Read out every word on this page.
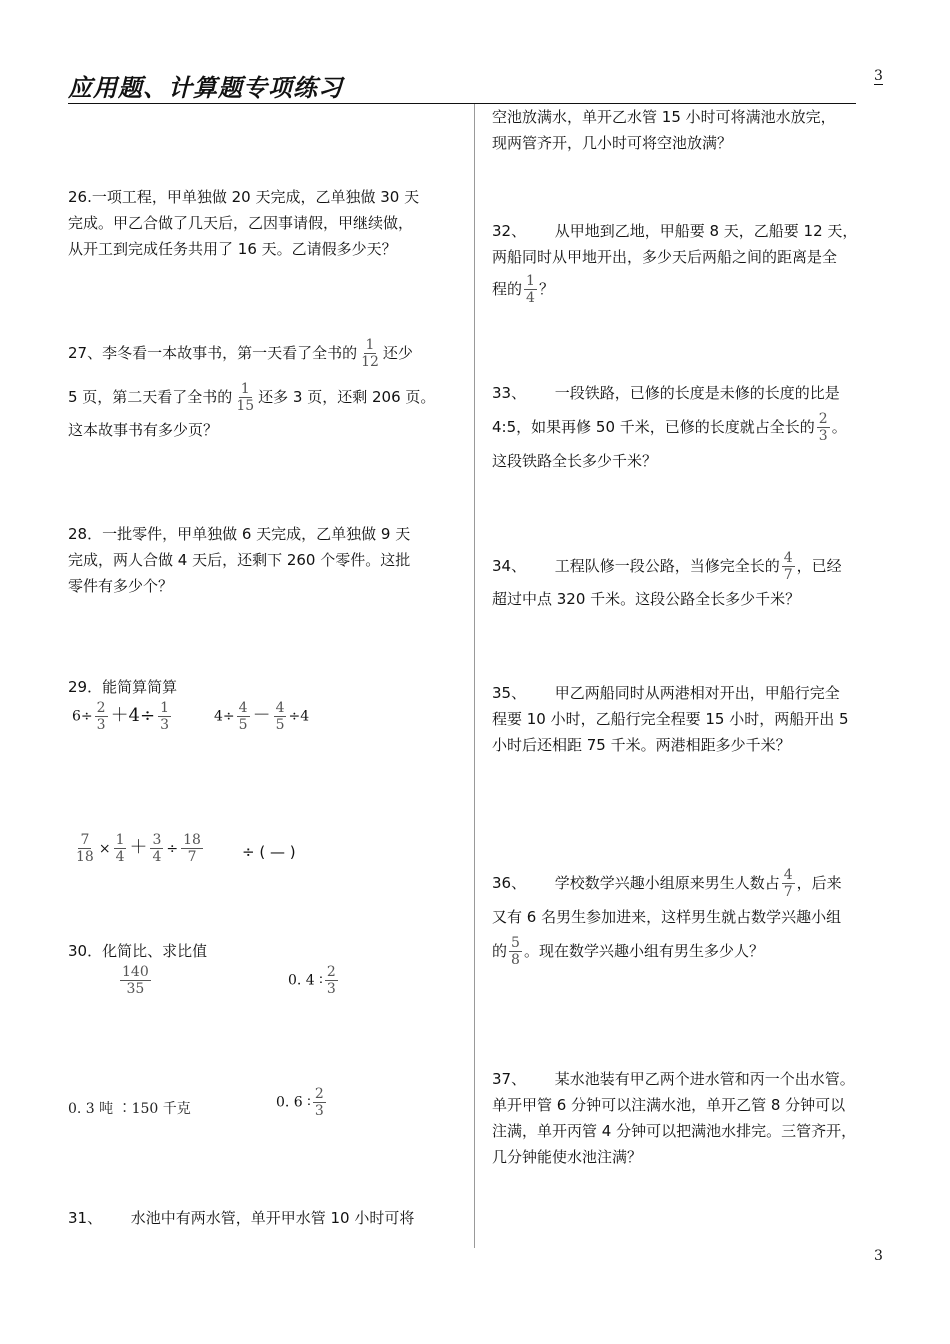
应用题、计算题专项练习	3
26.一项工程，甲单独做 20 天完成，乙单独做 30 天
完成。甲乙合做了几天后，乙因事请假，甲继续做，
从开工到完成任务共用了 16 天。乙请假多少天？
27、李冬看一本故事书，第一天看了全书的 $\frac{1}{12}$ 还少
5 页，第二天看了全书的 $\frac{1}{15}$ 还多 3 页，还剩 206 页。
这本故事书有多少页？
28．一批零件，甲单独做 6 天完成，乙单独做 9 天
完成，两人合做 4 天后，还剩下 260 个零件。这批
零件有多少个？
29．能简算简算
$6\div \frac{2}{3} +4\div \frac{1}{3}$	$4\div \frac{4}{5} - \frac{4}{5} \div 4$
$\frac{7}{18} \times \frac{1}{4} + \frac{3}{4} \div \frac{18}{7}$	÷ ( — )
30．化简比、求比值
$\frac{140}{35}$	0. 4 ∶ $\frac{2}{3}$
0. 3 吨 ∶150 千克	0. 6 ∶ $\frac{2}{3}$
31、      水池中有两水管，单开甲水管 10 小时可将
空池放满水，单开乙水管 15 小时可将满池水放完，
现两管齐开，几小时可将空池放满？
32、      从甲地到乙地，甲船要 8 天，乙船要 12 天，
两船同时从甲地开出，多少天后两船之间的距离是全
程的 $\frac{1}{4}$ ？
33、      一段铁路，已修的长度是未修的长度的比是
4:5，如果再修 50 千米，已修的长度就占全长的 $\frac{2}{3}$ 。
这段铁路全长多少千米？
34、      工程队修一段公路，当修完全长的 $\frac{4}{7}$ ，已经
超过中点 320 千米。这段公路全长多少千米？
35、      甲乙两船同时从两港相对开出，甲船行完全
程要 10 小时，乙船行完全程要 15 小时，两船开出 5
小时后还相距 75 千米。两港相距多少千米？
36、      学校数学兴趣小组原来男生人数占 $\frac{4}{7}$ ，后来
又有 6 名男生参加进来，这样男生就占数学兴趣小组
的 $\frac{5}{8}$ 。现在数学兴趣小组有男生多少人？
37、      某水池装有甲乙两个进水管和丙一个出水管。
单开甲管 6 分钟可以注满水池，单开乙管 8 分钟可以
注满，单开丙管 4 分钟可以把满池水排完。三管齐开，
几分钟能使水池注满？
3
